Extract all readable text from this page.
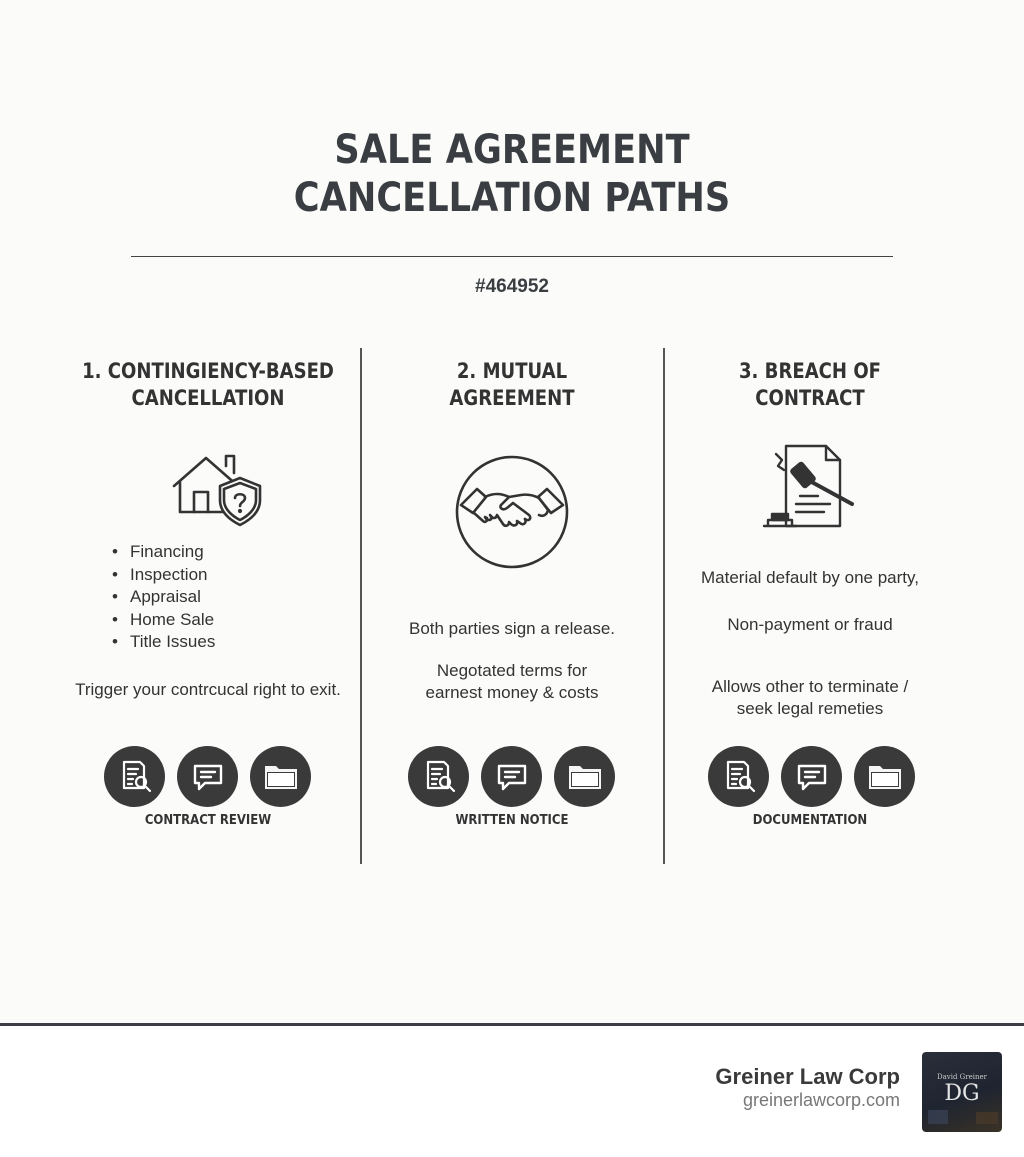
SALE AGREEMENT
CANCELLATION PATHS
#464952
1. CONTINGIENCY-BASED
CANCELLATION
• Financing
• Inspection
• Appraisal
• Home Sale
• Title Issues
Trigger your contrcucal right to exit.
CONTRACT REVIEW
2. MUTUAL
AGREEMENT
Both parties sign a release.
Negotated terms for
earnest money & costs
WRITTEN NOTICE
3. BREACH OF
CONTRACT
Material default by one party,
Non-payment or fraud
Allows other to terminate /
seek legal remeties
DOCUMENTATION
Greiner Law Corp
greinerlawcorp.com
David Greiner
DG
